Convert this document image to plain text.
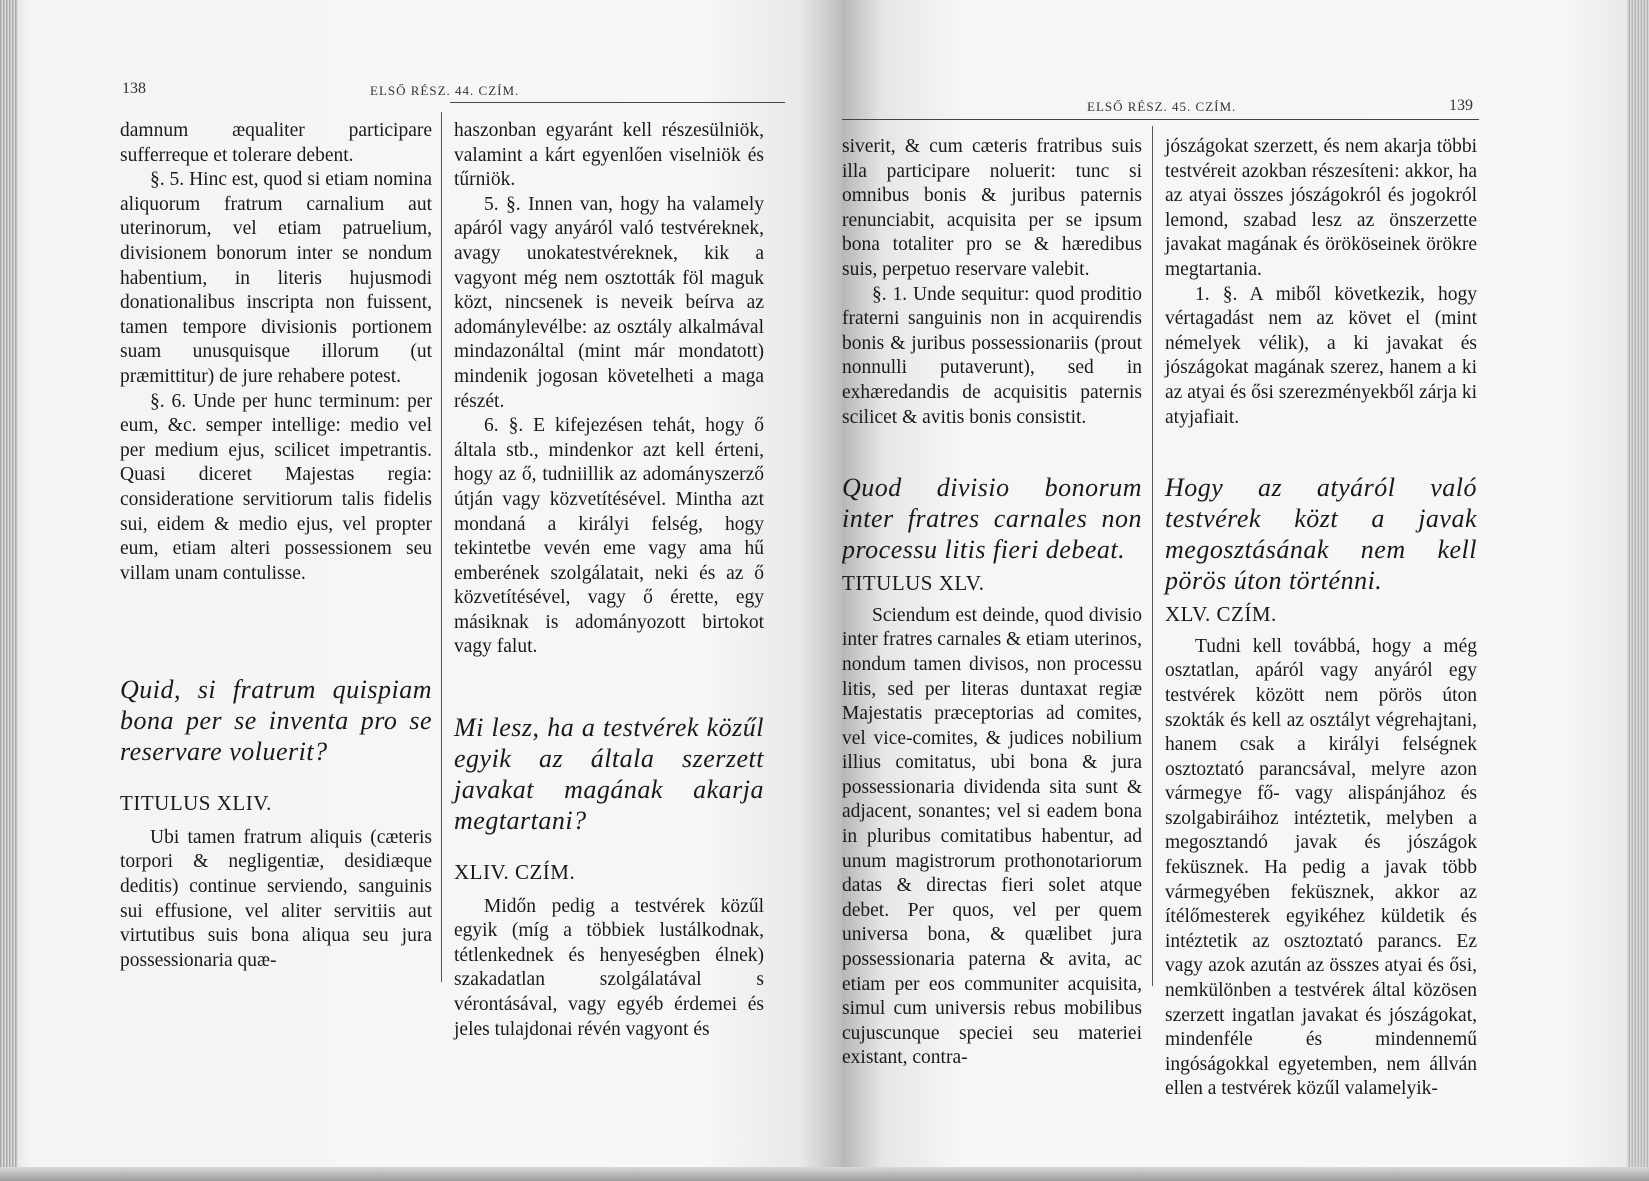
138	ELSŐ RÉSZ. 44. CZÍM.

damnum æqualiter participare sufferreque et tolerare debent.

§. 5. Hinc est, quod si etiam nomina aliquorum fratrum carnalium aut uterinorum, vel etiam patruelium, divisionem bonorum inter se nondum habentium, in literis hujusmodi donationalibus inscripta non fuissent, tamen tempore divisionis portionem suam unusquisque illorum (ut præmittitur) de jure rehabere potest.

§. 6. Unde per hunc terminum: per eum, &c. semper intellige: medio vel per medium ejus, scilicet impetrantis. Quasi diceret Majestas regia: consideratione servitiorum talis fidelis sui, eidem & medio ejus, vel propter eum, etiam alteri possessionem seu villam unam contulisse.

Quid, si fratrum quispiam bona per se inventa pro se reservare voluerit?

TITULUS XLIV.

Ubi tamen fratrum aliquis (cæteris torpori & negligentiæ, desidiæque deditis) continue serviendo, sanguinis sui effusione, vel aliter servitiis aut virtutibus suis bona aliqua seu jura possessionaria quæ-

haszonban egyaránt kell részesülniök, valamint a kárt egyenlően viselniök és tűrniök.

5. §. Innen van, hogy ha valamely apáról vagy anyáról való testvéreknek, avagy unokatestvéreknek, kik a vagyont még nem osztották föl maguk közt, nincsenek is neveik beírva az adománylevélbe: az osztály alkalmával mindazonáltal (mint már mondatott) mindenik jogosan követelheti a maga részét.

6. §. E kifejezésen tehát, hogy ő általa stb., mindenkor azt kell érteni, hogy az ő, tudniillik az adományszerző útján vagy közvetítésével. Mintha azt mondaná a királyi felség, hogy tekintetbe vevén eme vagy ama hű emberének szolgálatait, neki és az ő közvetítésével, vagy ő érette, egy másiknak is adományozott birtokot vagy falut.

Mi lesz, ha a testvérek közűl egyik az általa szerzett javakat magának akarja megtartani?

XLIV. CZÍM.

Midőn pedig a testvérek közűl egyik (míg a többiek lustálkodnak, tétlenkednek és henyeségben élnek) szakadatlan szolgálatával s vérontásával, vagy egyéb érdemei és jeles tulajdonai révén vagyont és

ELSŐ RÉSZ. 45. CZÍM.	139

siverit, & cum cæteris fratribus suis illa participare noluerit: tunc si omnibus bonis & juribus paternis renunciabit, acquisita per se ipsum bona totaliter pro se & hæredibus suis, perpetuo reservare valebit.

§. 1. Unde sequitur: quod proditio fraterni sanguinis non in acquirendis bonis & juribus possessionariis (prout nonnulli putaverunt), sed in exhæredandis de acquisitis paternis scilicet & avitis bonis consistit.

Quod divisio bonorum inter fratres carnales non processu litis fieri debeat.

TITULUS XLV.

Sciendum est deinde, quod divisio inter fratres carnales & etiam uterinos, nondum tamen divisos, non processu litis, sed per literas duntaxat regiæ Majestatis præceptorias ad comites, vel vice-comites, & judices nobilium illius comitatus, ubi bona & jura possessionaria dividenda sita sunt & adjacent, sonantes; vel si eadem bona in pluribus comitatibus habentur, ad unum magistrorum prothonotariorum datas & directas fieri solet atque debet. Per quos, vel per quem universa bona, & quælibet jura possessionaria paterna & avita, ac etiam per eos communiter acquisita, simul cum universis rebus mobilibus cujuscunque speciei seu materiei existant, contra-

jószágokat szerzett, és nem akarja többi testvéreit azokban részesíteni: akkor, ha az atyai összes jószágokról és jogokról lemond, szabad lesz az önszerzette javakat magának és örököseinek örökre megtartania.

1. §. A miből következik, hogy vértagadást nem az követ el (mint némelyek vélik), a ki javakat és jószágokat magának szerez, hanem a ki az atyai és ősi szerezményekből zárja ki atyjafiait.

Hogy az atyáról való testvérek közt a javak megosztásának nem kell pörös úton történni.

XLV. CZÍM.

Tudni kell továbbá, hogy a még osztatlan, apáról vagy anyáról egy testvérek között nem pörös úton szokták és kell az osztályt végrehajtani, hanem csak a királyi felségnek osztoztató parancsával, melyre azon vármegye fő- vagy alispánjához és szolgabiráihoz intéztetik, melyben a megosztandó javak és jószágok feküsznek. Ha pedig a javak több vármegyében feküsznek, akkor az ítélőmesterek egyikéhez küldetik és intéztetik az osztoztató parancs. Ez vagy azok azután az összes atyai és ősi, nemkülönben a testvérek által közösen szerzett ingatlan javakat és jószágokat, mindenféle és mindennemű ingóságokkal egyetemben, nem állván ellen a testvérek közűl valamelyik-
